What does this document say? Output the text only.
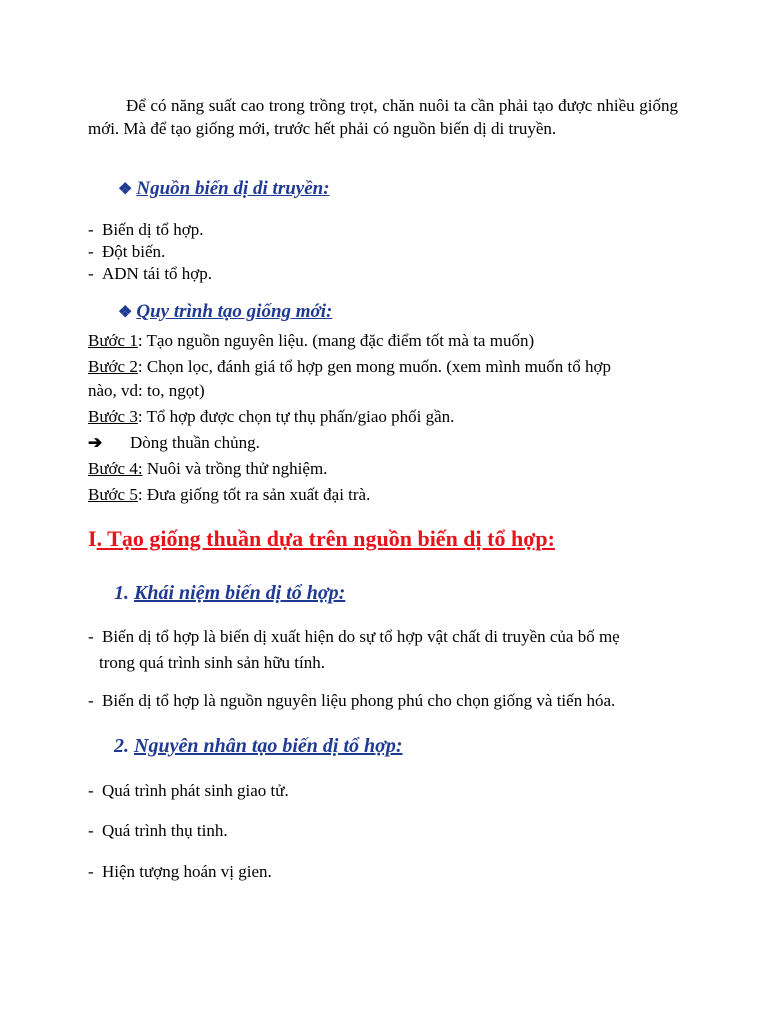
Để có năng suất cao trong trồng trọt, chăn nuôi ta cần phải tạo được nhiều giống mới. Mà để tạo giống mới, trước hết phải có nguồn biến dị di truyền.
❖ Nguồn biến dị di truyền:
- Biến dị tổ hợp.
- Đột biến.
- ADN tái tổ hợp.
❖ Quy trình tạo giống mới:
Bước 1: Tạo nguồn nguyên liệu. (mang đặc điểm tốt mà ta muốn)
Bước 2: Chọn lọc, đánh giá tổ hợp gen mong muốn. (xem mình muốn tổ hợp
nào, vd: to, ngọt)
Bước 3: Tổ hợp được chọn tự thụ phấn/giao phối gần.
➔ Dòng thuần chủng.
Bước 4: Nuôi và trồng thử nghiệm.
Bước 5: Đưa giống tốt ra sản xuất đại trà.
I. Tạo giống thuần dựa trên nguồn biến dị tổ hợp:
1. Khái niệm biến dị tổ hợp:
- Biến dị tổ hợp là biến dị xuất hiện do sự tổ hợp vật chất di truyền của bố mẹ
trong quá trình sinh sản hữu tính.
- Biến dị tổ hợp là nguồn nguyên liệu phong phú cho chọn giống và tiến hóa.
2. Nguyên nhân tạo biến dị tổ hợp:
- Quá trình phát sinh giao tử.
- Quá trình thụ tinh.
- Hiện tượng hoán vị gien.
